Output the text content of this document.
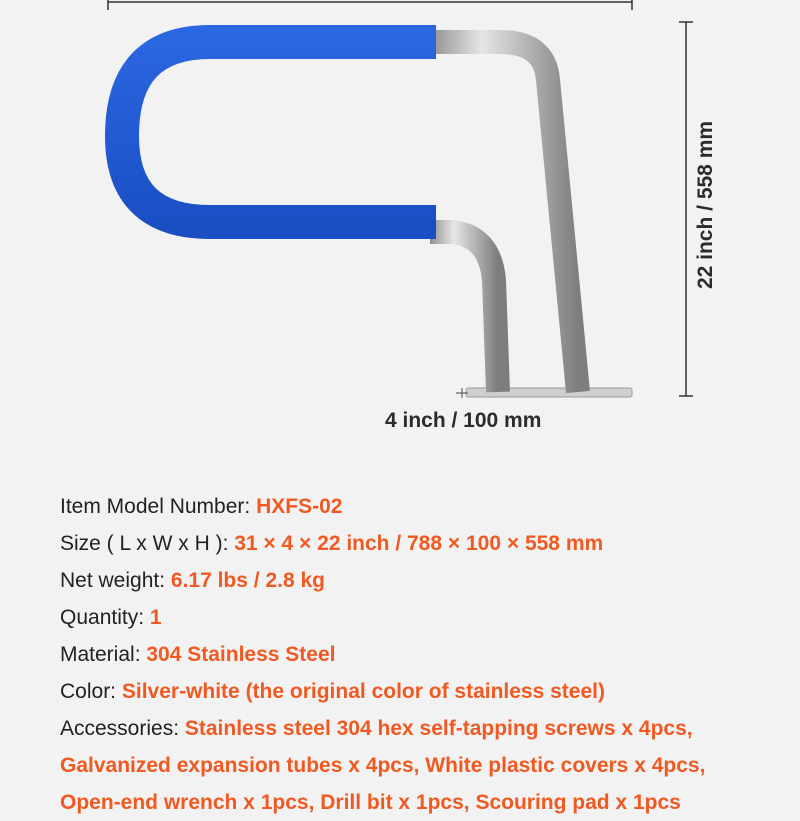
4 inch / 100 mm
22 inch / 558 mm
Item Model Number: HXFS-02
Size ( L x W x H ): 31 × 4 × 22 inch / 788 × 100 × 558 mm
Net weight: 6.17 lbs / 2.8 kg
Quantity: 1
Material: 304 Stainless Steel
Color: Silver-white (the original color of stainless steel)
Accessories: Stainless steel 304 hex self-tapping screws x 4pcs,
Galvanized expansion tubes x 4pcs, White plastic covers x 4pcs,
Open-end wrench x 1pcs, Drill bit x 1pcs, Scouring pad x 1pcs
